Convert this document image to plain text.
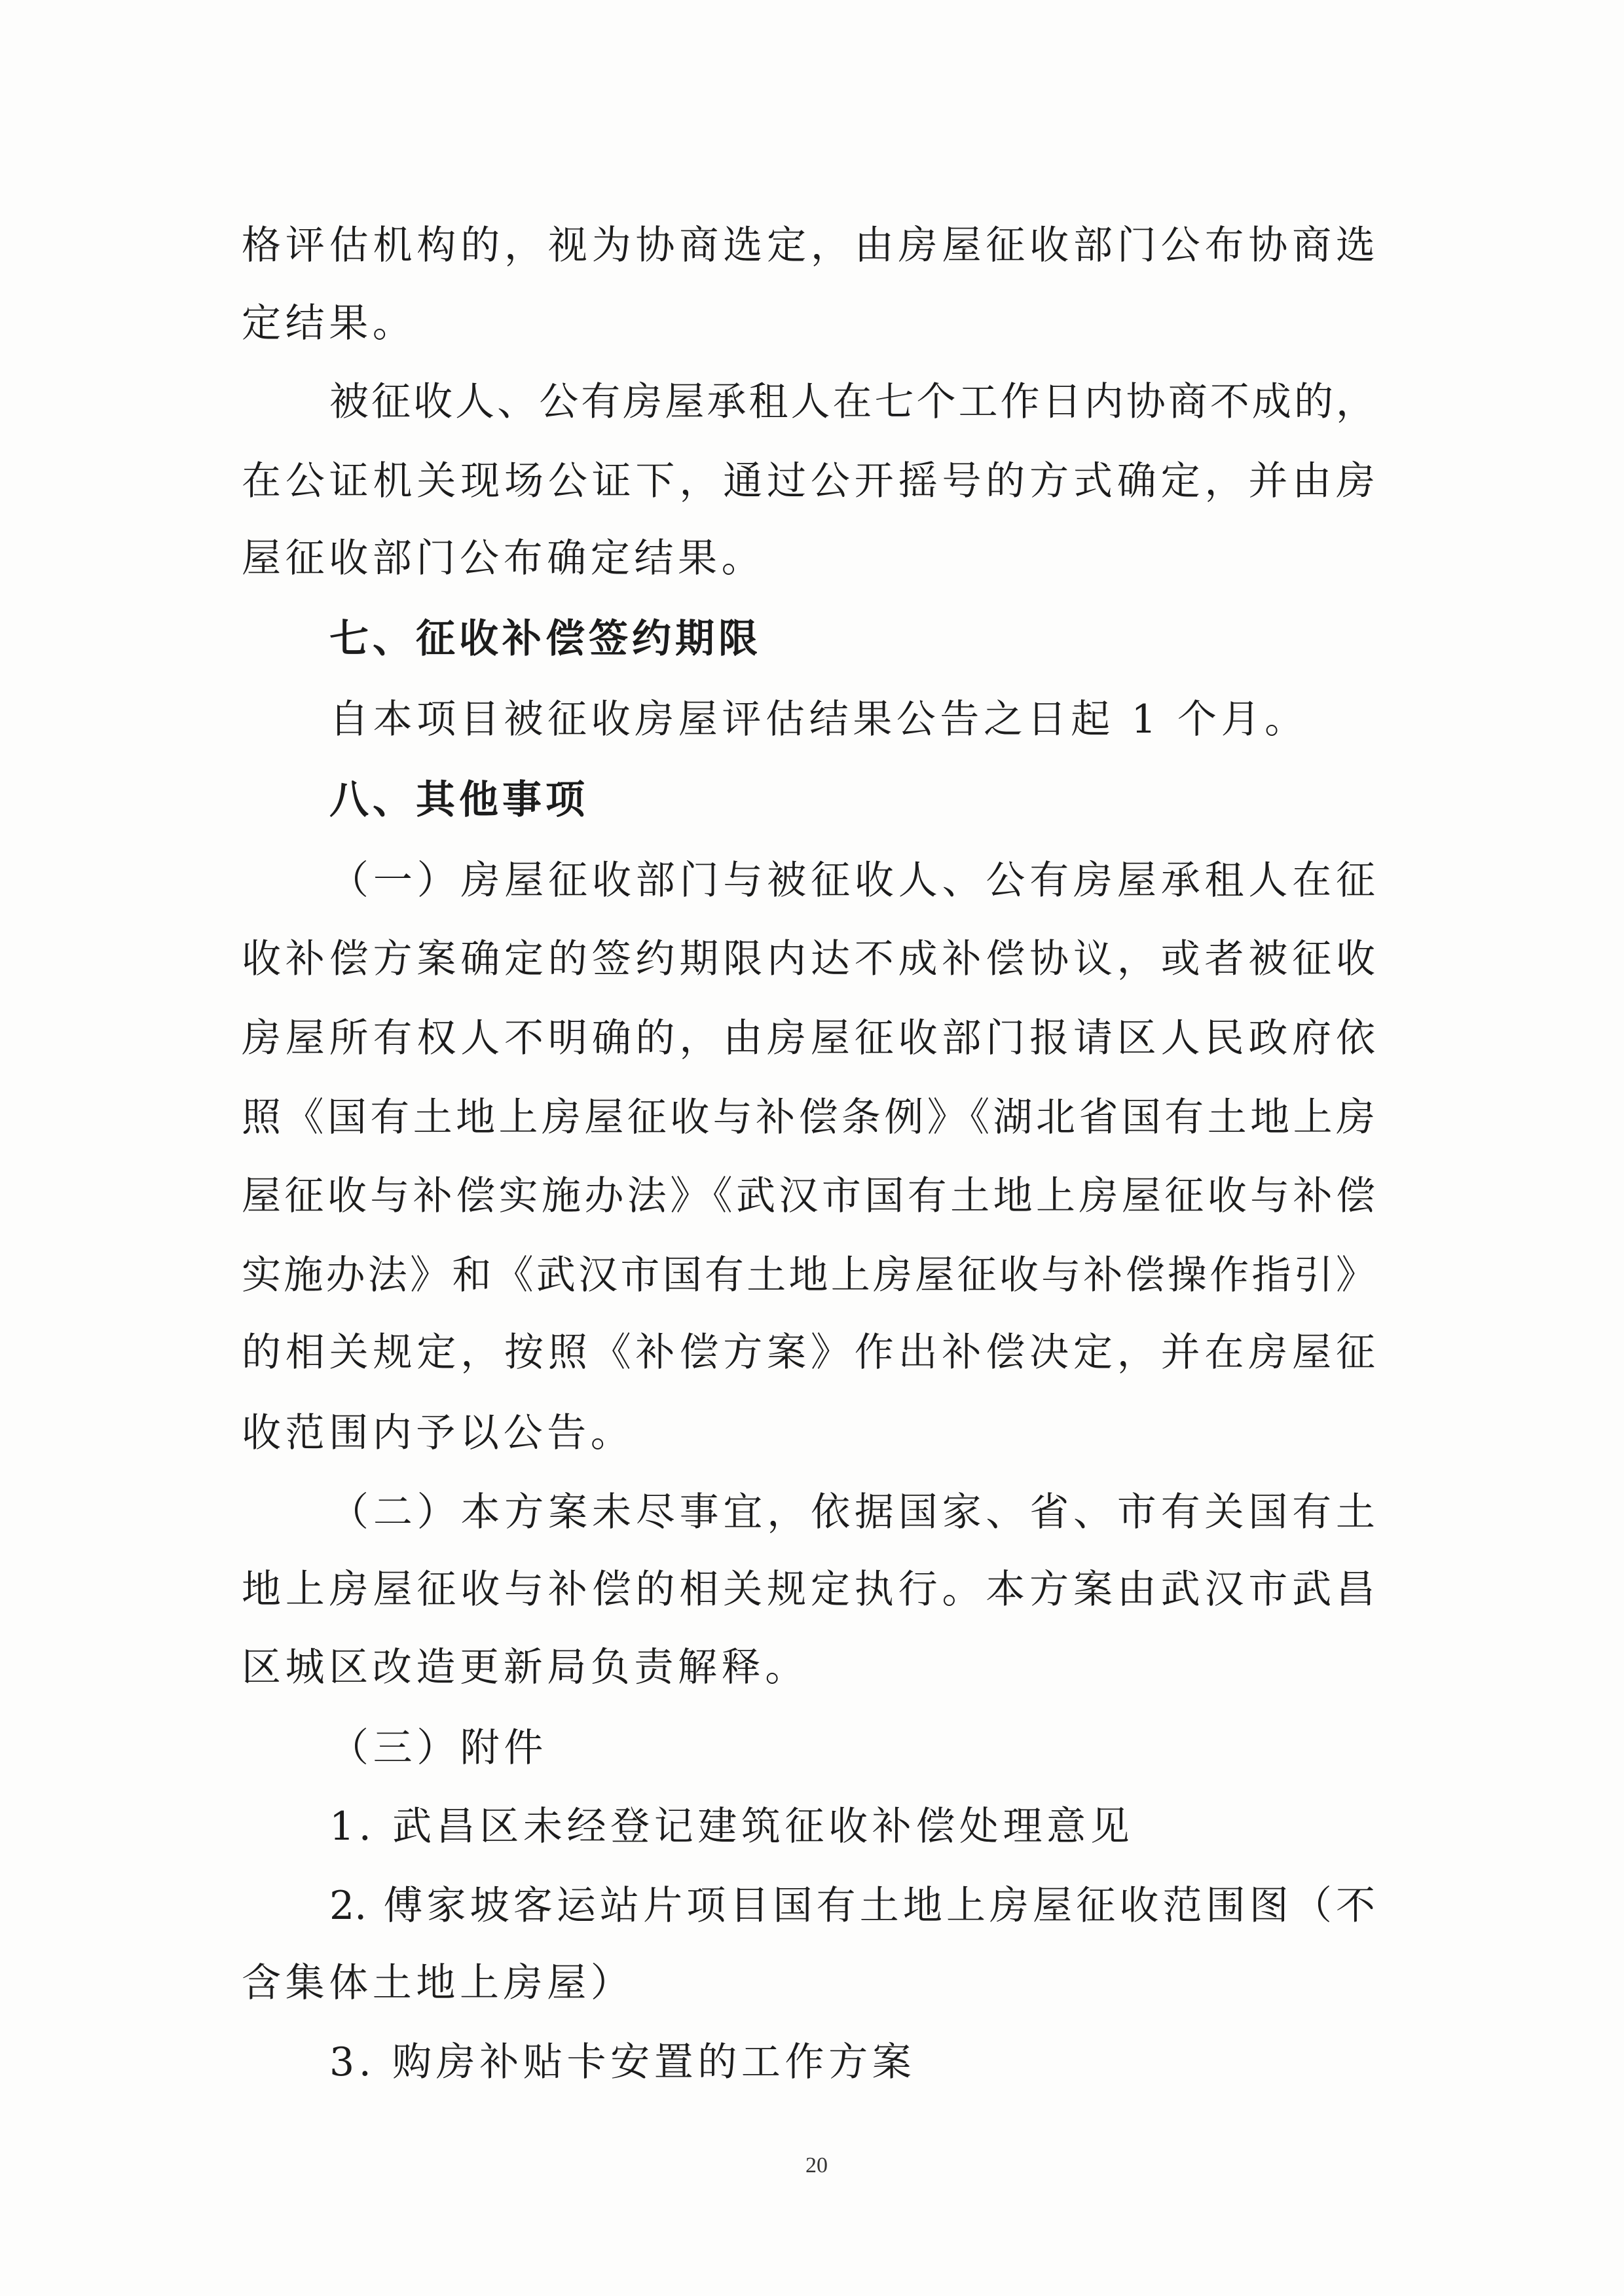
格评估机构的，视为协商选定，由房屋征收部门公布协商选
定结果。
被征收人、公有房屋承租人在七个工作日内协商不成的，
在公证机关现场公证下，通过公开摇号的方式确定，并由房
屋征收部门公布确定结果。
七、征收补偿签约期限
自本项目被征收房屋评估结果公告之日起 1 个月。
八、其他事项
（一）房屋征收部门与被征收人、公有房屋承租人在征
收补偿方案确定的签约期限内达不成补偿协议，或者被征收
房屋所有权人不明确的，由房屋征收部门报请区人民政府依
照《国有土地上房屋征收与补偿条例》《湖北省国有土地上房
屋征收与补偿实施办法》《武汉市国有土地上房屋征收与补偿
实施办法》和《武汉市国有土地上房屋征收与补偿操作指引》
的相关规定，按照《补偿方案》作出补偿决定，并在房屋征
收范围内予以公告。
（二）本方案未尽事宜，依据国家、省、市有关国有土
地上房屋征收与补偿的相关规定执行。本方案由武汉市武昌
区城区改造更新局负责解释。
（三）附件
1. 武昌区未经登记建筑征收补偿处理意见
2. 傅家坡客运站片项目国有土地上房屋征收范围图（不
含集体土地上房屋）
3. 购房补贴卡安置的工作方案
20
